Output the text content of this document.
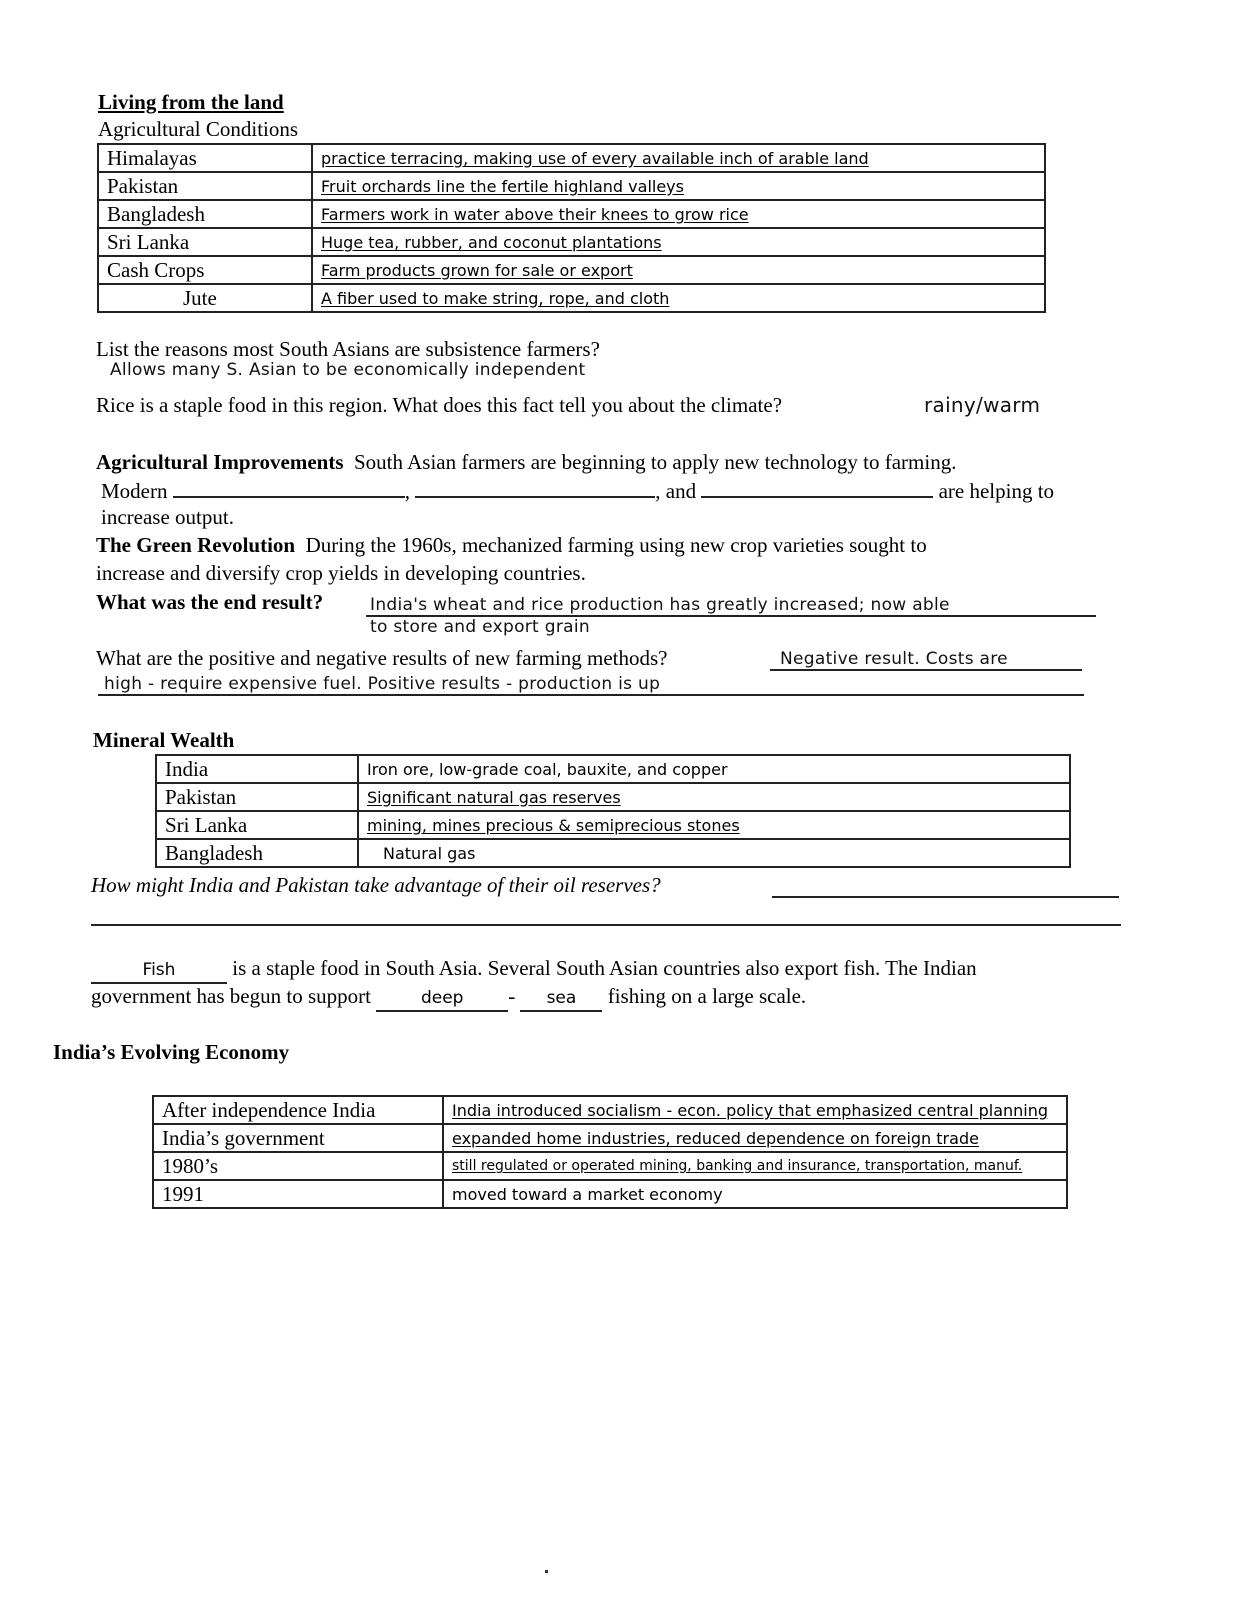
Living from the land
Agricultural Conditions
Himalayas	practice terracing, making use of every available inch of arable land
Pakistan	Fruit orchards line the fertile highland valleys
Bangladesh	Farmers work in water above their knees to grow rice
Sri Lanka	Huge tea, rubber, and coconut plantations
Cash Crops	Farm products grown for sale or export
Jute	A fiber used to make string, rope, and cloth
List the reasons most South Asians are subsistence farmers?
Allows many S. Asian to be economically independent
Rice is a staple food in this region. What does this fact tell you about the climate?	rainy/warm
Agricultural Improvements South Asian farmers are beginning to apply new technology to farming.
Modern	,	, and	are helping to
increase output.
The Green Revolution During the 1960s, mechanized farming using new crop varieties sought to
increase and diversify crop yields in developing countries.
What was the end result?	India's wheat and rice production has greatly increased; now able
to store and export grain
What are the positive and negative results of new farming methods?	Negative result. Costs are
high - require expensive fuel. Positive results - production is up
Mineral Wealth
India	Iron ore, low-grade coal, bauxite, and copper
Pakistan	Significant natural gas reserves
Sri Lanka	mining, mines precious & semiprecious stones
Bangladesh	Natural gas
How might India and Pakistan take advantage of their oil reserves?
Fish	is a staple food in South Asia. Several South Asian countries also export fish. The Indian
government has begun to support	deep - sea fishing on a large scale.
India’s Evolving Economy
After independence India	India introduced socialism - econ. policy that emphasized central planning
India’s government	expanded home industries, reduced dependence on foreign trade
1980’s	still regulated or operated mining, banking and insurance, transportation, manuf.
1991	moved toward a market economy
